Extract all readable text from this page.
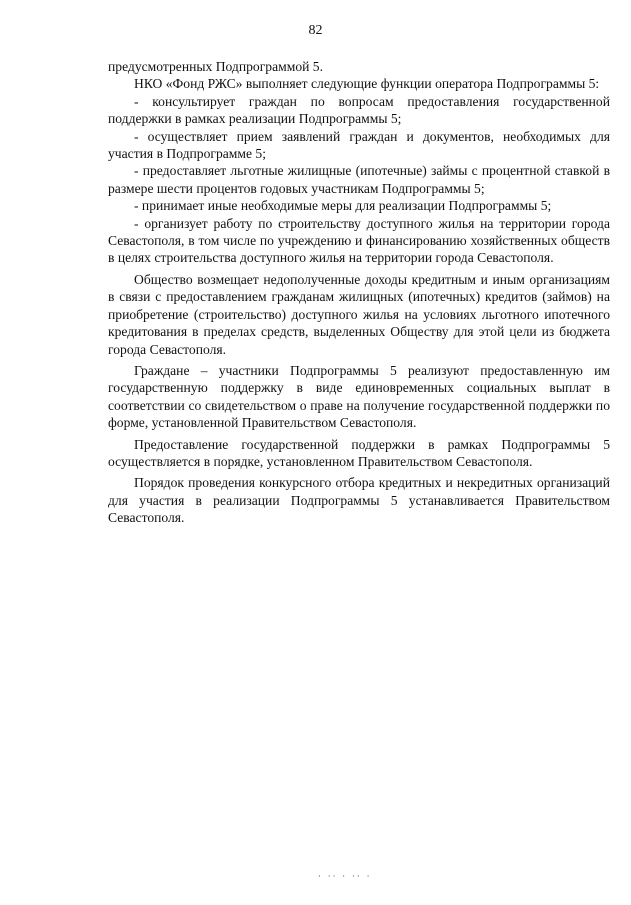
82

предусмотренных Подпрограммой 5.

НКО «Фонд РЖС» выполняет следующие функции оператора Подпрограммы 5:

- консультирует граждан по вопросам предоставления государственной поддержки в рамках реализации Подпрограммы 5;

- осуществляет прием заявлений граждан и документов, необходимых для участия в Подпрограмме 5;

- предоставляет льготные жилищные (ипотечные) займы с процентной ставкой в размере шести процентов годовых участникам Подпрограммы 5;

- принимает иные необходимые меры для реализации Подпрограммы 5;

- организует работу по строительству доступного жилья на территории города Севастополя, в том числе по учреждению и финансированию хозяйственных обществ в целях строительства доступного жилья на территории города Севастополя.

Общество возмещает недополученные доходы кредитным и иным организациям в связи с предоставлением гражданам жилищных (ипотечных) кредитов (займов) на приобретение (строительство) доступного жилья на условиях льготного ипотечного кредитования в пределах средств, выделенных Обществу для этой цели из бюджета города Севастополя.

Граждане – участники Подпрограммы 5 реализуют предоставленную им государственную поддержку в виде единовременных социальных выплат в соответствии со свидетельством о праве на получение государственной поддержки по форме, установленной Правительством Севастополя.

Предоставление государственной поддержки в рамках Подпрограммы 5 осуществляется в порядке, установленном Правительством Севастополя.

Порядок проведения конкурсного отбора кредитных и некредитных организаций для участия в реализации Подпрограммы 5 устанавливается Правительством Севастополя.

· ·· · ·· ·
